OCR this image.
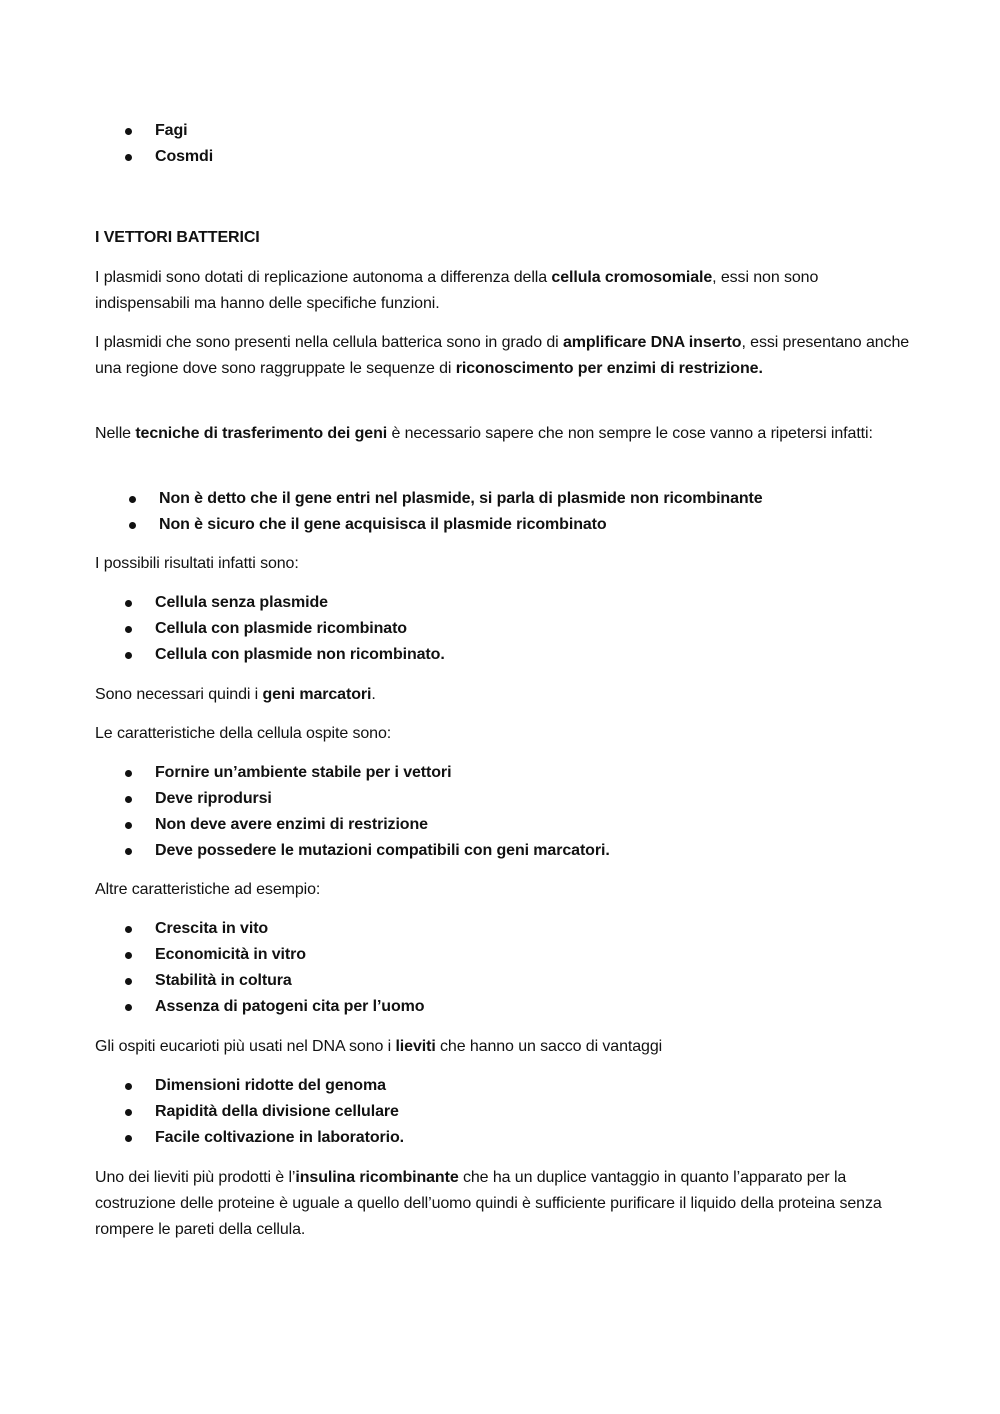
Fagi
Cosmdi
I VETTORI BATTERICI

I plasmidi sono dotati di replicazione autonoma a differenza della cellula cromosomiale, essi non sono indispensabili ma hanno delle specifiche funzioni.

I plasmidi che sono presenti nella cellula batterica sono in grado di amplificare DNA inserto, essi presentano anche una regione dove sono raggruppate le sequenze di riconoscimento per enzimi di restrizione.

Nelle tecniche di trasferimento dei geni è necessario sapere che non sempre le cose vanno a ripetersi infatti:

Non è detto che il gene entri nel plasmide, si parla di plasmide non ricombinante
Non è sicuro che il gene acquisisca il plasmide ricombinato

I possibili risultati infatti sono:

Cellula senza plasmide
Cellula con plasmide ricombinato
Cellula con plasmide non ricombinato.

Sono necessari quindi i geni marcatori.

Le caratteristiche della cellula ospite sono:

Fornire un’ambiente stabile per i vettori
Deve riprodursi
Non deve avere enzimi di restrizione
Deve possedere le mutazioni compatibili con geni marcatori.

Altre caratteristiche ad esempio:

Crescita in vito
Economicità in vitro
Stabilità in coltura
Assenza di patogeni cita per l’uomo

Gli ospiti eucarioti più usati nel DNA sono i lieviti che hanno un sacco di vantaggi

Dimensioni ridotte del genoma
Rapidità della divisione cellulare
Facile coltivazione in laboratorio.

Uno dei lieviti più prodotti è l’insulina ricombinante che ha un duplice vantaggio in quanto l’apparato per la costruzione delle proteine è uguale a quello dell’uomo quindi è sufficiente purificare il liquido della proteina senza rompere le pareti della cellula.
